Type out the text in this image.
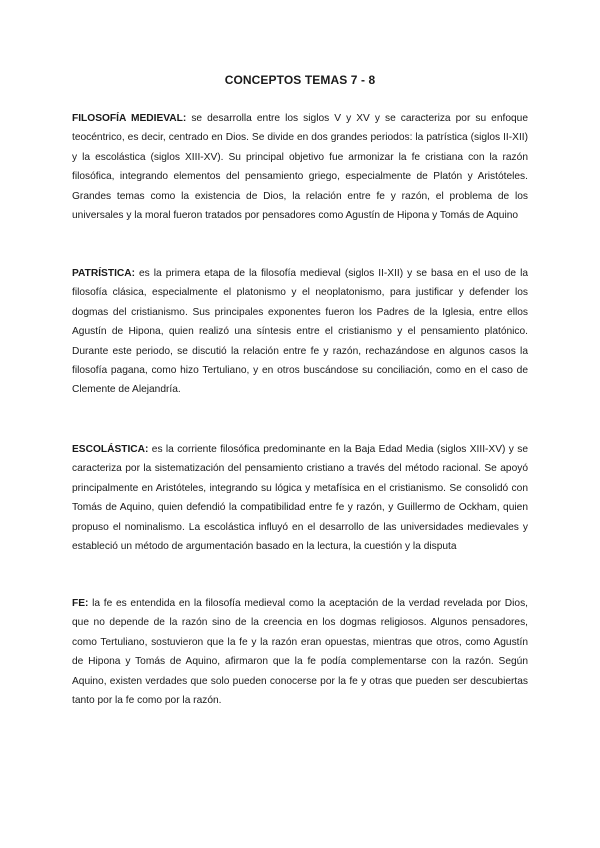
CONCEPTOS TEMAS 7 - 8

FILOSOFÍA MEDIEVAL: se desarrolla entre los siglos V y XV y se caracteriza por su enfoque teocéntrico, es decir, centrado en Dios. Se divide en dos grandes periodos: la patrística (siglos II-XII) y la escolástica (siglos XIII-XV). Su principal objetivo fue armonizar la fe cristiana con la razón filosófica, integrando elementos del pensamiento griego, especialmente de Platón y Aristóteles. Grandes temas como la existencia de Dios, la relación entre fe y razón, el problema de los universales y la moral fueron tratados por pensadores como Agustín de Hipona y Tomás de Aquino

PATRÍSTICA: es la primera etapa de la filosofía medieval (siglos II-XII) y se basa en el uso de la filosofía clásica, especialmente el platonismo y el neoplatonismo, para justificar y defender los dogmas del cristianismo. Sus principales exponentes fueron los Padres de la Iglesia, entre ellos Agustín de Hipona, quien realizó una síntesis entre el cristianismo y el pensamiento platónico. Durante este periodo, se discutió la relación entre fe y razón, rechazándose en algunos casos la filosofía pagana, como hizo Tertuliano, y en otros buscándose su conciliación, como en el caso de Clemente de Alejandría.

ESCOLÁSTICA: es la corriente filosófica predominante en la Baja Edad Media (siglos XIII-XV) y se caracteriza por la sistematización del pensamiento cristiano a través del método racional. Se apoyó principalmente en Aristóteles, integrando su lógica y metafísica en el cristianismo. Se consolidó con Tomás de Aquino, quien defendió la compatibilidad entre fe y razón, y Guillermo de Ockham, quien propuso el nominalismo. La escolástica influyó en el desarrollo de las universidades medievales y estableció un método de argumentación basado en la lectura, la cuestión y la disputa

FE: la fe es entendida en la filosofía medieval como la aceptación de la verdad revelada por Dios, que no depende de la razón sino de la creencia en los dogmas religiosos. Algunos pensadores, como Tertuliano, sostuvieron que la fe y la razón eran opuestas, mientras que otros, como Agustín de Hipona y Tomás de Aquino, afirmaron que la fe podía complementarse con la razón. Según Aquino, existen verdades que solo pueden conocerse por la fe y otras que pueden ser descubiertas tanto por la fe como por la razón.
